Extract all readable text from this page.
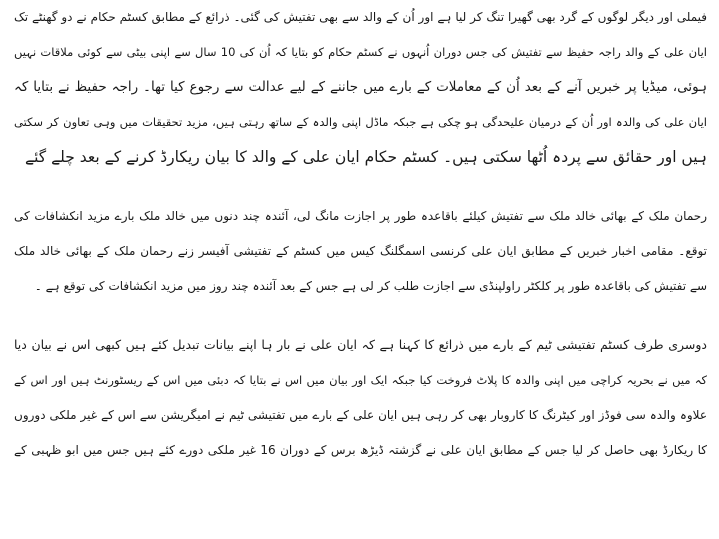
فیملی اور دیگر لوگوں کے گرد بھی گھیرا تنگ کر لیا ہے اور اُن کے والد سے بھی تفتیش کی گئی۔ ذرائع کے مطابق کسٹم حکام نے دو گھنٹے تک
ایان علی کے والد راجہ حفیظ سے تفتیش کی جس دوران اُنہوں نے کسٹم حکام کو بتایا کہ اُن کی 10 سال سے اپنی بیٹی سے کوئی ملاقات نہیں
ہوئی، میڈیا پر خبریں آنے کے بعد اُن کے معاملات کے بارے میں جاننے کے لیے عدالت سے رجوع کیا تھا۔ راجہ حفیظ نے بتایا کہ
ایان علی کی والدہ اور اُن کے درمیان علیحدگی ہو چکی ہے جبکہ ماڈل اپنی والدہ کے ساتھ رہتی ہیں، مزید تحقیقات میں وہی تعاون کر سکتی
ہیں اور حقائق سے پردہ اُٹھا سکتی ہیں۔ کسٹم حکام ایان علی کے والد کا بیان ریکارڈ کرنے کے بعد چلے گئے
رحمان ملک کے بھائی خالد ملک سے تفتیش کیلئے باقاعدہ طور پر اجازت مانگ لی، آئندہ چند دنوں میں خالد ملک بارے مزید انکشافات کی
توقع۔ مقامی اخبار خبریں کے مطابق ایان علی کرنسی اسمگلنگ کیس میں کسٹم کے تفتیشی آفیسر زنے رحمان ملک کے بھائی خالد ملک
سے تفتیش کی باقاعدہ طور پر کلکٹر راولپنڈی سے اجازت طلب کر لی ہے جس کے بعد آئندہ چند روز میں مزید انکشافات کی توقع ہے ۔
دوسری طرف کسٹم تفتیشی ٹیم کے بارے میں ذرائع کا کہنا ہے کہ ایان علی نے بار ہا اپنے بیانات تبدیل کئے ہیں کبھی اس نے بیان دیا
کہ میں نے بحریہ کراچی میں اپنی والدہ کا پلاٹ فروخت کیا جبکہ ایک اور بیان میں اس نے بتایا کہ دبئی میں اس کے ریسٹورنٹ ہیں اور اس کے
علاوہ والدہ سی فوڈز اور کیٹرنگ کا کاروبار بھی کر رہی ہیں ایان علی کے بارے میں تفتیشی ٹیم نے امیگریشن سے اس کے غیر ملکی دوروں
کا ریکارڈ بھی حاصل کر لیا جس کے مطابق ایان علی نے گزشتہ ڈیڑھ برس کے دوران 16 غیر ملکی دورے کئے ہیں جس میں ابو ظہبی کے
